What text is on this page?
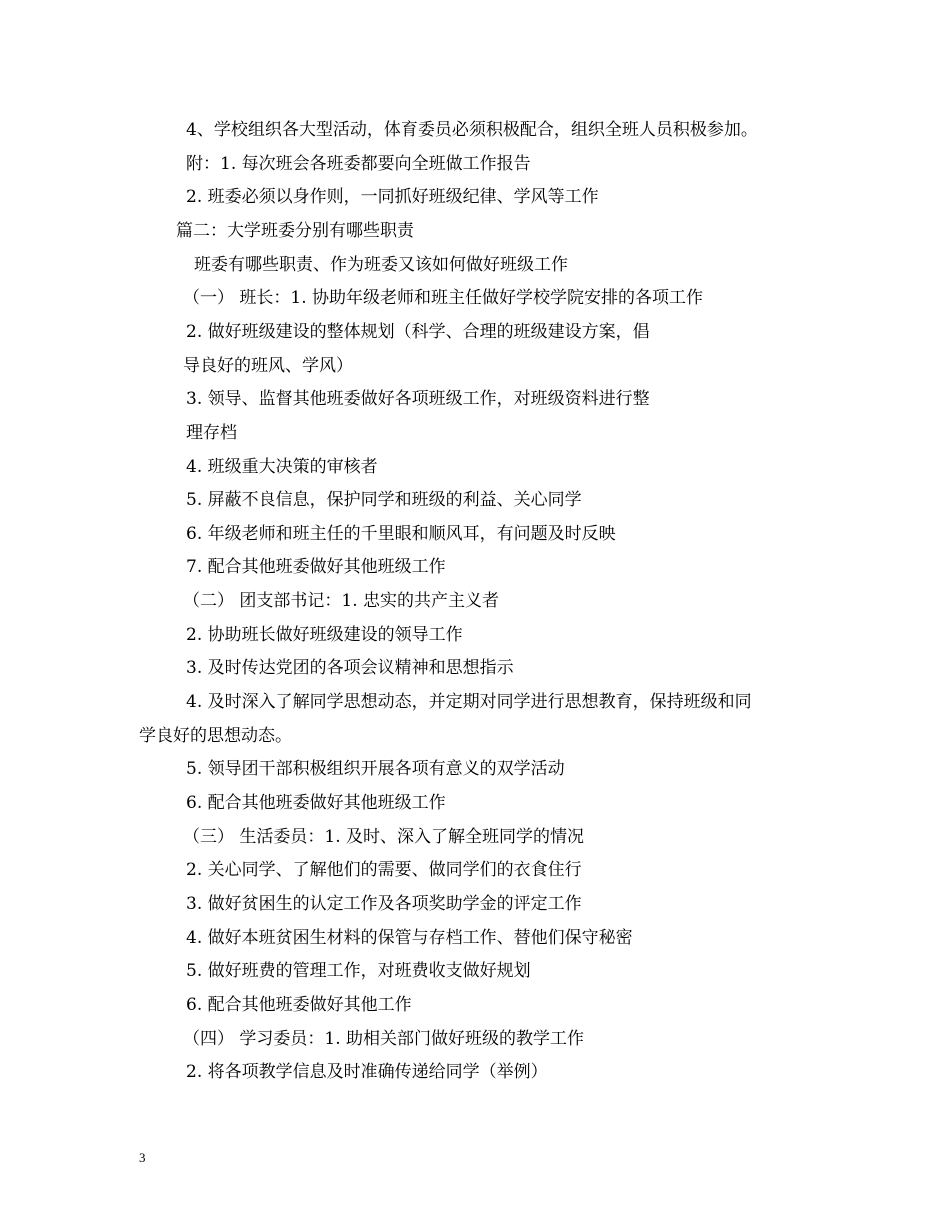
4、学校组织各大型活动，体育委员必须积极配合，组织全班人员积极参加。
附：1. 每次班会各班委都要向全班做工作报告
2. 班委必须以身作则，一同抓好班级纪律、学风等工作
篇二：大学班委分别有哪些职责
班委有哪些职责、作为班委又该如何做好班级工作
（一） 班长：1. 协助年级老师和班主任做好学校学院安排的各项工作
2. 做好班级建设的整体规划（科学、合理的班级建设方案，倡
导良好的班风、学风）
3. 领导、监督其他班委做好各项班级工作，对班级资料进行整
理存档
4. 班级重大决策的审核者
5. 屏蔽不良信息，保护同学和班级的利益、关心同学
6. 年级老师和班主任的千里眼和顺风耳，有问题及时反映
7. 配合其他班委做好其他班级工作
（二） 团支部书记：1. 忠实的共产主义者
2. 协助班长做好班级建设的领导工作
3. 及时传达党团的各项会议精神和思想指示
4. 及时深入了解同学思想动态，并定期对同学进行思想教育，保持班级和同
学良好的思想动态。
5. 领导团干部积极组织开展各项有意义的双学活动
6. 配合其他班委做好其他班级工作
（三） 生活委员：1. 及时、深入了解全班同学的情况
2. 关心同学、了解他们的需要、做同学们的衣食住行
3. 做好贫困生的认定工作及各项奖助学金的评定工作
4. 做好本班贫困生材料的保管与存档工作、替他们保守秘密
5. 做好班费的管理工作，对班费收支做好规划
6. 配合其他班委做好其他工作
（四） 学习委员：1. 助相关部门做好班级的教学工作
2. 将各项教学信息及时准确传递给同学（举例）
3
